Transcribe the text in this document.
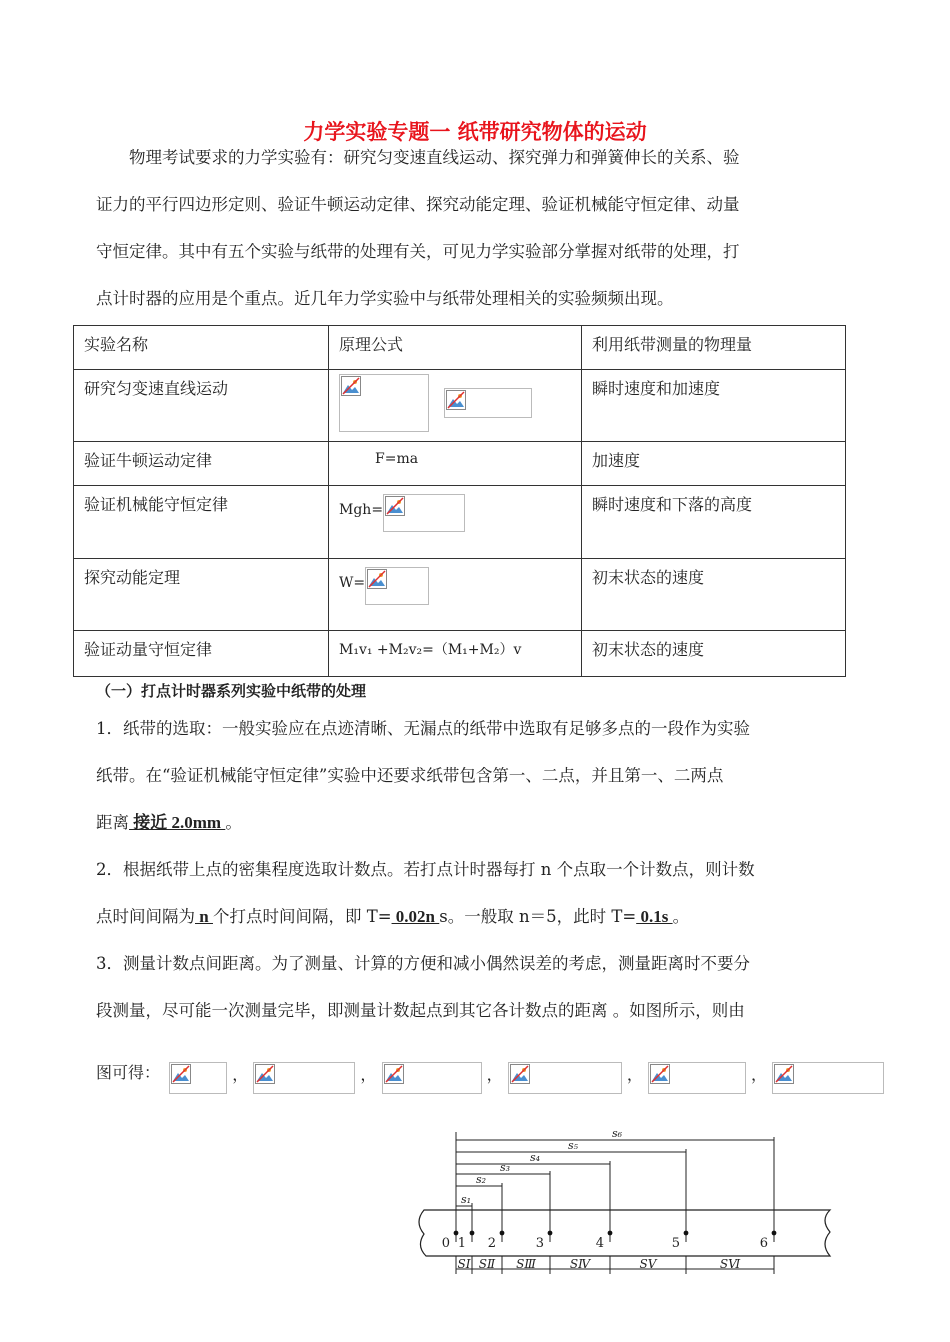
力学实验专题一 纸带研究物体的运动
物理考试要求的力学实验有：研究匀变速直线运动、探究弹力和弹簧伸长的关系、验
证力的平行四边形定则、验证牛顿运动定律、探究动能定理、验证机械能守恒定律、动量
守恒定律。其中有五个实验与纸带的处理有关，可见力学实验部分掌握对纸带的处理，打
点计时器的应用是个重点。近几年力学实验中与纸带处理相关的实验频频出现。
实验名称	原理公式	利用纸带测量的物理量
研究匀变速直线运动		瞬时速度和加速度
验证牛顿运动定律	F=ma	加速度
验证机械能守恒定律	Mgh=	瞬时速度和下落的高度
探究动能定理	W=	初末状态的速度
验证动量守恒定律	M₁v₁ +M₂v₂=（M₁+M₂）v	初末状态的速度
（一）打点计时器系列实验中纸带的处理
1．纸带的选取：一般实验应在点迹清晰、无漏点的纸带中选取有足够多点的一段作为实验
纸带。在“验证机械能守恒定律”实验中还要求纸带包含第一、二点，并且第一、二两点
距离 接近 2.0mm 。
2．根据纸带上点的密集程度选取计数点。若打点计时器每打 n 个点取一个计数点，则计数
点时间间隔为 n 个打点时间间隔，即 T= 0.02n s。一般取 n＝5，此时 T= 0.1s 。
3．测量计数点间距离。为了测量、计算的方便和减小偶然误差的考虑，测量距离时不要分
段测量，尽可能一次测量完毕，即测量计数起点到其它各计数点的距离 。如图所示，则由
图可得：	，	，	，	，	，
s₁
s₂
s₃
s₄
s₅
s₆
0 1 2	3	4	5	6
SⅠ SⅡ SⅢ	SⅣ	SⅤ	SⅥ
